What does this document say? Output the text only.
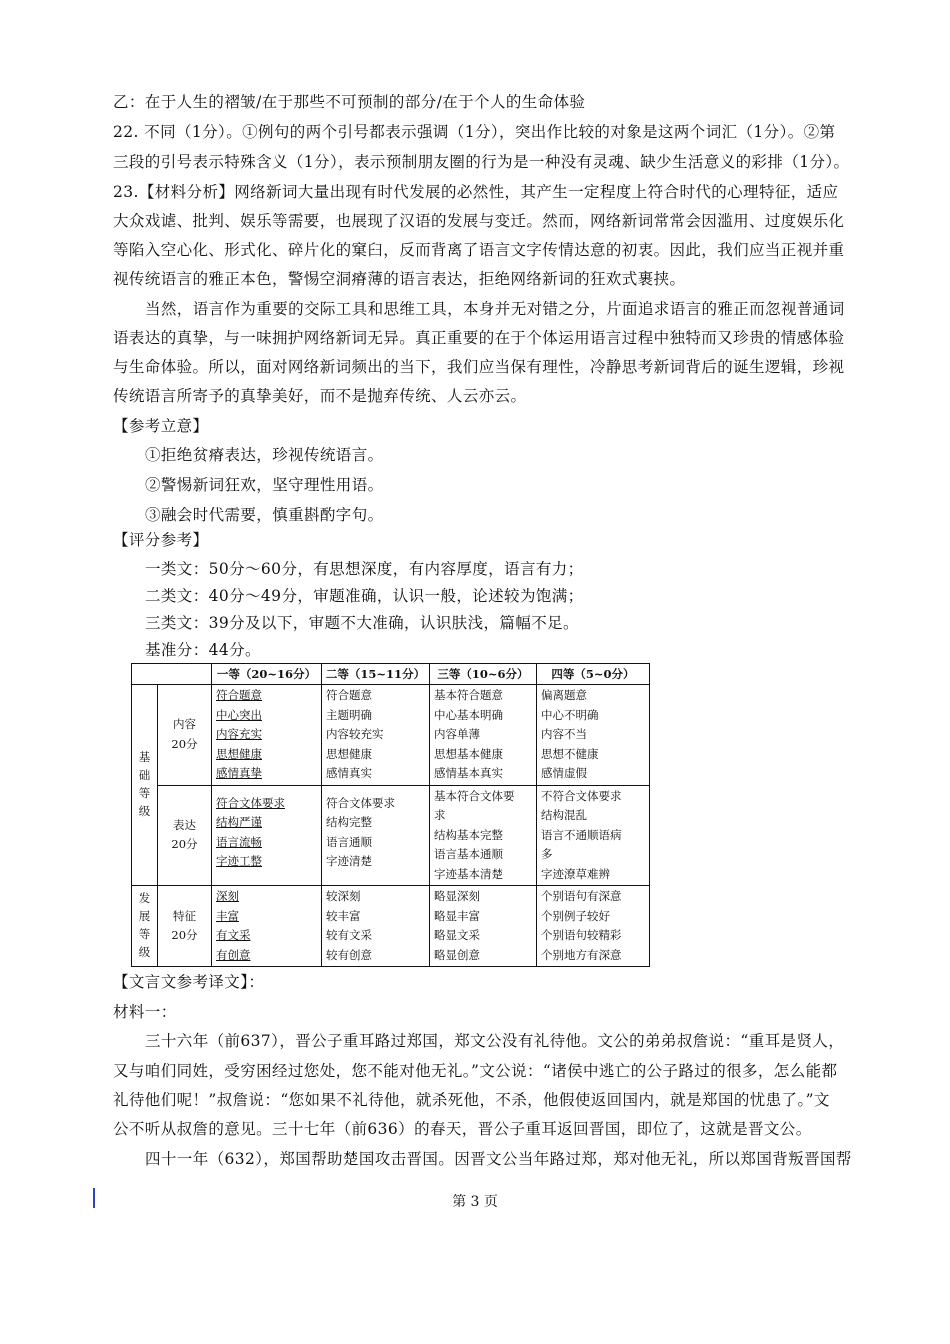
乙：在于人生的褶皱/在于那些不可预制的部分/在于个人的生命体验
22. 不同（1分）。①例句的两个引号都表示强调（1分），突出作比较的对象是这两个词汇（1分）。②第
三段的引号表示特殊含义（1分），表示预制朋友圈的行为是一种没有灵魂、缺少生活意义的彩排（1分）。
23.【材料分析】网络新词大量出现有时代发展的必然性，其产生一定程度上符合时代的心理特征，适应
大众戏谑、批判、娱乐等需要，也展现了汉语的发展与变迁。然而，网络新词常常会因滥用、过度娱乐化
等陷入空心化、形式化、碎片化的窠臼，反而背离了语言文字传情达意的初衷。因此，我们应当正视并重
视传统语言的雅正本色，警惕空洞瘠薄的语言表达，拒绝网络新词的狂欢式裹挟。
当然，语言作为重要的交际工具和思维工具，本身并无对错之分，片面追求语言的雅正而忽视普通词
语表达的真挚，与一味拥护网络新词无异。真正重要的在于个体运用语言过程中独特而又珍贵的情感体验
与生命体验。所以，面对网络新词频出的当下，我们应当保有理性，冷静思考新词背后的诞生逻辑，珍视
传统语言所寄予的真挚美好，而不是抛弃传统、人云亦云。
【参考立意】
①拒绝贫瘠表达，珍视传统语言。
②警惕新词狂欢，坚守理性用语。
③融会时代需要，慎重斟酌字句。
【评分参考】
一类文：50分～60分，有思想深度，有内容厚度，语言有力；
二类文：40分～49分，审题准确，认识一般，论述较为饱满；
三类文：39分及以下，审题不大准确，认识肤浅，篇幅不足。
基准分：44分。
		一等（20~16分）	二等（15~11分）	三等（10~6分）	四等（5~0分）
基础等级	内容
20分	符合题意
中心突出
内容充实
思想健康
感情真挚	符合题意
主题明确
内容较充实
思想健康
感情真实	基本符合题意
中心基本明确
内容单薄
思想基本健康
感情基本真实	偏离题意
中心不明确
内容不当
思想不健康
感情虚假

	表达
20分	符合文体要求
结构严谨
语言流畅
字迹工整	符合文体要求
结构完整
语言通顺
字迹清楚	基本符合文体要
求
结构基本完整
语言基本通顺
字迹基本清楚	不符合文体要求
结构混乱
语言不通顺语病
多
字迹潦草难辨

发展等级	特征
20分	深刻
丰富
有文采
有创意	较深刻
较丰富
较有文采
较有创意	略显深刻
略显丰富
略显文采
略显创意	个别语句有深意
个别例子较好
个别语句较精彩
个别地方有深意
【文言文参考译文】：
材料一：
三十六年（前637），晋公子重耳路过郑国，郑文公没有礼待他。文公的弟弟叔詹说：“重耳是贤人，
又与咱们同姓，受穷困经过您处，您不能对他无礼。”文公说：“诸侯中逃亡的公子路过的很多，怎么能都
礼待他们呢！”叔詹说：“您如果不礼待他，就杀死他，不杀，他假使返回国内，就是郑国的忧患了。”文
公不听从叔詹的意见。三十七年（前636）的春天，晋公子重耳返回晋国，即位了，这就是晋文公。
四十一年（632），郑国帮助楚国攻击晋国。因晋文公当年路过郑，郑对他无礼，所以郑国背叛晋国帮
第 3 页
